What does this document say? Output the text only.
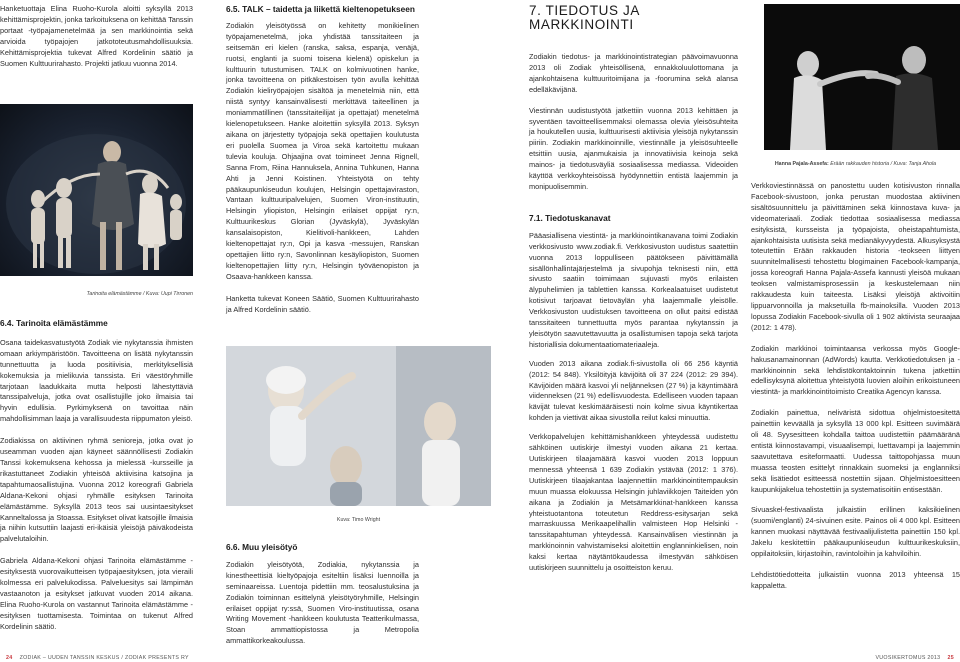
Hanketuottaja Elina Ruoho-Kurola aloitti syksyllä 2013 kehittämisprojektin, jonka tarkoituksena on kehittää Tanssin portaat -työpajamenetelmää ja sen markkinointia sekä arvioida työpajojen jatkototeutusmahdollisuuksia. Kehittämisprojektia tukevat Alfred Kordelinin säätiö ja Suomen Kulttuurirahasto. Projekti jatkuu vuonna 2014.

Tarinoita elämästämme / Kuva: Uupi Tirronen
6.4. Tarinoita elämästämme

Osana taidekasvatustyötä Zodiak vie nykytanssia ihmisten omaan arkiympäristöön. Tavoitteena on lisätä nykytanssin tunnettuutta ja luoda positiivisia, merkityksellisiä kokemuksia ja mielikuvia tanssista. Eri väestöryhmille tarjotaan laadukkaita mutta helposti lähestyttäviä tanssipalveluja, jotka ovat osallistujille joko ilmaisia tai hyvin edullisia. Pyrkimyksenä on tavoittaa näin mahdollisimman laaja ja varallisuudesta riippumaton yleisö.

Zodiakissa on aktiivinen ryhmä senioreja, jotka ovat jo useamman vuoden ajan käyneet säännöllisesti Zodiakin Tanssi kokemuksena kehossa ja mielessä -kursseille ja rikastuttaneet Zodiakin yhteisöä aktiivisina katsojina ja tapahtumaosallistujina. Vuonna 2012 koreografi Gabriela Aldana-Kekoni ohjasi ryhmälle esityksen Tarinoita elämästämme. Syksyllä 2013 teos sai uusintaesitykset Kanneltalossa ja Stoassa. Esitykset olivat katsojille ilmaisia ja niihin kutsuttiin laajasti eri-ikäisiä yleisöjä päiväkodeista palvelutaloihin.

Gabriela Aldana-Kekoni ohjasi Tarinoita elämästämme -esityksestä vuorovaikutteisen työpajaesityksen, jota vieraili kolmessa eri palvelukodissa. Palveluesitys sai lämpimän vastaanoton ja esitykset jatkuvat vuoden 2014 aikana. Elina Ruoho-Kurola on vastannut Tarinoita elämästämme -esityksen tuottamisesta. Toimintaa on tukenut Alfred Kordelinin säätiö.

6.5. TALK – taidetta ja liikettä kieltenopetukseen

Zodiakin yleisötyössä on kehitetty monikielinen työpajamenetelmä, joka yhdistää tanssitaiteen ja seitsemän eri kielen (ranska, saksa, espanja, venäjä, ruotsi, englanti ja suomi toisena kielenä) opiskelun ja kulttuurin tutustumisen. TALK on kolmivuotinen hanke, jonka tavoitteena on pitkäkestoisen työn avulla kehittää Zodiakin kieliryöpajojen sisältöä ja menetelmiä niin, että niistä syntyy kansainvälisesti merkittävä taiteellinen ja moniammatillinen (tanssitaiteilijat ja opettajat) menetelmä kielenopetukseen. Hanke aloitettiin syksyllä 2013. Syksyn aikana on järjestetty työpajoja sekä opettajien koulutusta eri puolella Suomea ja Viroa sekä kartoitettu mukaan tulevia kouluja. Ohjaajina ovat toimineet Jenna Rignell, Sanna From, Riina Hannuksela, Annina Tuhkunen, Hanna Ahti ja Jenni Koistinen. Yhteistyötä on tehty pääkaupunkiseudun koulujen, Helsingin opettajaviraston, Vantaan kulttuuripalvelujen, Suomen Viron-instituutin, Helsingin yliopiston, Helsingin erilaiset oppijat ry:n, Kulttuurikeskus Glorian (Jyväskylä), Jyväskylän kansalaisopiston, Kielitivoli-hankkeen, Lahden kieltenopettajat ry:n, Opi ja kasva -messujen, Ranskan opettajien liitto ry:n, Savonlinnan kesäyliopiston, Suomen kieltenopettajien liitty ry:n, Helsingin työväenopiston ja Osaava-hankkeen kanssa.

Hanketta tukevat Koneen Säätiö, Suomen Kulttuurirahasto ja Alfred Kordelinin säätiö.

Kuva: Timo Wright
6.6. Muu yleisötyö

Zodiakin yleisötyötä, Zodiakia, nykytanssia ja kinestheettisiä kieltyöpajoja esiteltiin lisäksi luennoilla ja seminaareissa. Luentoja pidettiin mm. teosalustuksina ja Zodiakin toiminnan esittelynä yleisötyöryhmille, Helsingin erilaiset oppijat ry:ssä, Suomen Viro-instituutissa, osana Writing Movement -hankkeen koulutusta Teatterikulmassa, Stoan ammattiopistossa ja Metropolia ammattikorkeakoulussa.

7. TIEDOTUS JA MARKKINOINTI

Zodiakin tiedotus- ja markkinointistrategian päävoimavuonna 2013 oli Zodiak yhteisöllisenä, ennakkoluulottomana ja ajankohtaisena kulttuuritoimijana ja -foorumina sekä alansa edelläkävijänä.

Viestinnän uudistustyötä jatkettiin vuonna 2013 kehittäen ja syventäen tavoitteellisemmaksi olemassa olevia yleisösuhteita ja houkutellen uusia, kulttuurisesti aktiivisia yleisöjä nykytanssin piiriin. Zodiakin markkinoinnille, viestinnälle ja yleisösuhteelle etsittiin uusia, ajanmukaisia ja innovatiivisia keinoja sekä mainos- ja tiedotusväyliä sosiaalisessa mediassa. Videoiden käyttöä verkkoyhteisöissä hyödynnettiin entistä laajemmin ja monipuolisemmin.

7.1. Tiedotuskanavat

Pääasiallisena viestintä- ja markkinointikanavana toimi Zodiakin verkkosivusto www.zodiak.fi. Verkkosivuston uudistus saatettiin vuonna 2013 loppulliseen päätökseen päivittämällä sisällönhallintajärjestelmä ja sivupohja teknisesti niin, että sivusto saatiin toimimaan sujuvasti myös erilaisten älypuhelimien ja tablettien kanssa. Korkealaatuiset uudistetut kotisivut tarjoavat tietoväylän yhä laajemmalle yleisölle. Verkkosivuston uudistuksen tavoitteena on ollut paitsi edistää tanssitaiteen tunnettuutta myös parantaa nykytanssin ja yleisötyön saavutettavuutta ja osallistumisen tapoja sekä tarjota historiallisia dokumentaatiomateriaaleja.

Vuoden 2013 aikana zodiak.fi-sivustolla oli 66 256 käyntiä (2012: 54 848). Yksilöityjä kävijöitä oli 37 224 (2012: 29 394). Kävijöiden määrä kasvoi yli neljänneksen (27 %) ja käyntimäärä viidenneksen (21 %) edellisvuodesta. Edelliseen vuoden tapaan kävijät tulevat keskimääräisesti noin kolme sivua käyntikertaa kohden ja viettivät aikaa sivustolla reilut kaksi minuuttia.

Verkkopalvelujen kehittämishankkeen yhteydessä uudistettu sähköinen uutiskirje ilmestyi vuoden aikana 21 kertaa. Uutiskirjeen tilaajamäärä kasvoi vuoden 2013 loppuun mennessä yhteensä 1 639 Zodiakin ystävää (2012: 1 376). Uutiskirjeen tilaajakantaa laajennettiin markkinointitempauksin muun muassa elokuussa Helsingin juhlaviikkojen Taiteiden yön aikana ja Zodiakin ja Metsämarkkinat-hankkeen kanssa yhteistuotantona toteutetun Reddress-esitysarjan sekä marraskuussa Merikaapelihallin valmisteen Hop Helsinki -tanssitapahtuman yhteydessä. Kansainvälisen viestinnän ja markkinoinnin vahvistamiseksi aloitettiin englanninkielisen, noin kaksi kertaa näytäntökaudessa ilmestyvän sähköisen uutiskirjeen suunnittelu ja osoitteiston keruu.

Hanna Pajala-Assefa: Erään rakkauden historia / Kuva: Tanja Ahola

Verkkoviestinnässä on panostettu uuden kotisivuston rinnalla Facebook-sivustoon, jonka perustan muodostaa aktiivinen sisältösuunnittelu ja päivittäminen sekä kiinnostava kuva- ja videomateriaali. Zodiak tiedottaa sosiaalisessa mediassa esityksistä, kursseista ja työpajoista, oheistapahtumista, ajankohtaisista uutisista sekä medianäkyvyydestä. Alkusyksystä toteutettiin Erään rakkauden historia -teokseen liittyen suunnitelmallisesti tehostettu blogimainen Facebook-kampanja, jossa koreografi Hanna Pajala-Assefa kannusti yleisöä mukaan teoksen valmistamisprosessiin ja keskustelemaan niin rakkaudesta kuin taiteesta. Lisäksi yleisöjä aktivoitiin lippuarvonnoilla ja maksetuilla fb-mainoksilla. Vuoden 2013 lopussa Zodiakin Facebook-sivulla oli 1 902 aktiivista seuraajaa (2012: 1 478).

Zodiakin markkinoi toimintaansa verkossa myös Google-hakusanamainonnan (AdWords) kautta. Verkkotiedotuksen ja -markkinoinnin sekä lehdistökontaktoinnin tukena jatkettiin edellisyksynä aloitettua yhteistyötä luovien aloihin erikoistuneen viestintä- ja markkinointitoimisto Creatika Agencyn kanssa.

Zodiakin painettua, neliväristä sidottua ohjelmistoesitettä painettiin kevväällä ja syksyllä 13 000 kpl. Esitteen suvimäärä oli 48. Syysesitteen kohdalla taittoa uudistettiin päämääränä entistä kiinnostavampi, visuaalisempi, luettavampi ja laajemmin saavutettava esiteformaatti. Uudessa taittopohjassa muun muassa teosten esittelyt rinnakkain suomeksi ja englanniksi sekä lisätiedot esitteessä nostettiin sijaan. Ohjelmistoesitteen kaupunkijakelua tehostettiin ja systematisoitiin entisestään.

Sivuaskel-festivaalista julkaistiin erillinen kaksikielinen (suomi/englanti) 24-sivuinen esite. Painos oli 4 000 kpl. Esitteen kannen muokasi näyttävää festivaalijulistetta painettiin 150 kpl. Jakelu keskitettiin pääkaupunkiseudun kulttuurikeskuksiin, oppilaitoksiin, kirjastoihin, ravintoloihin ja kahviloihin.

Lehdistötiedotteita julkaistiin vuonna 2013 yhteensä 15 kappaletta.

24 ZODIAK – UUDEN TANSSIN KESKUS / ZODIAK PRESENTS RY	VUOSIKERTOMUS 2013 25
